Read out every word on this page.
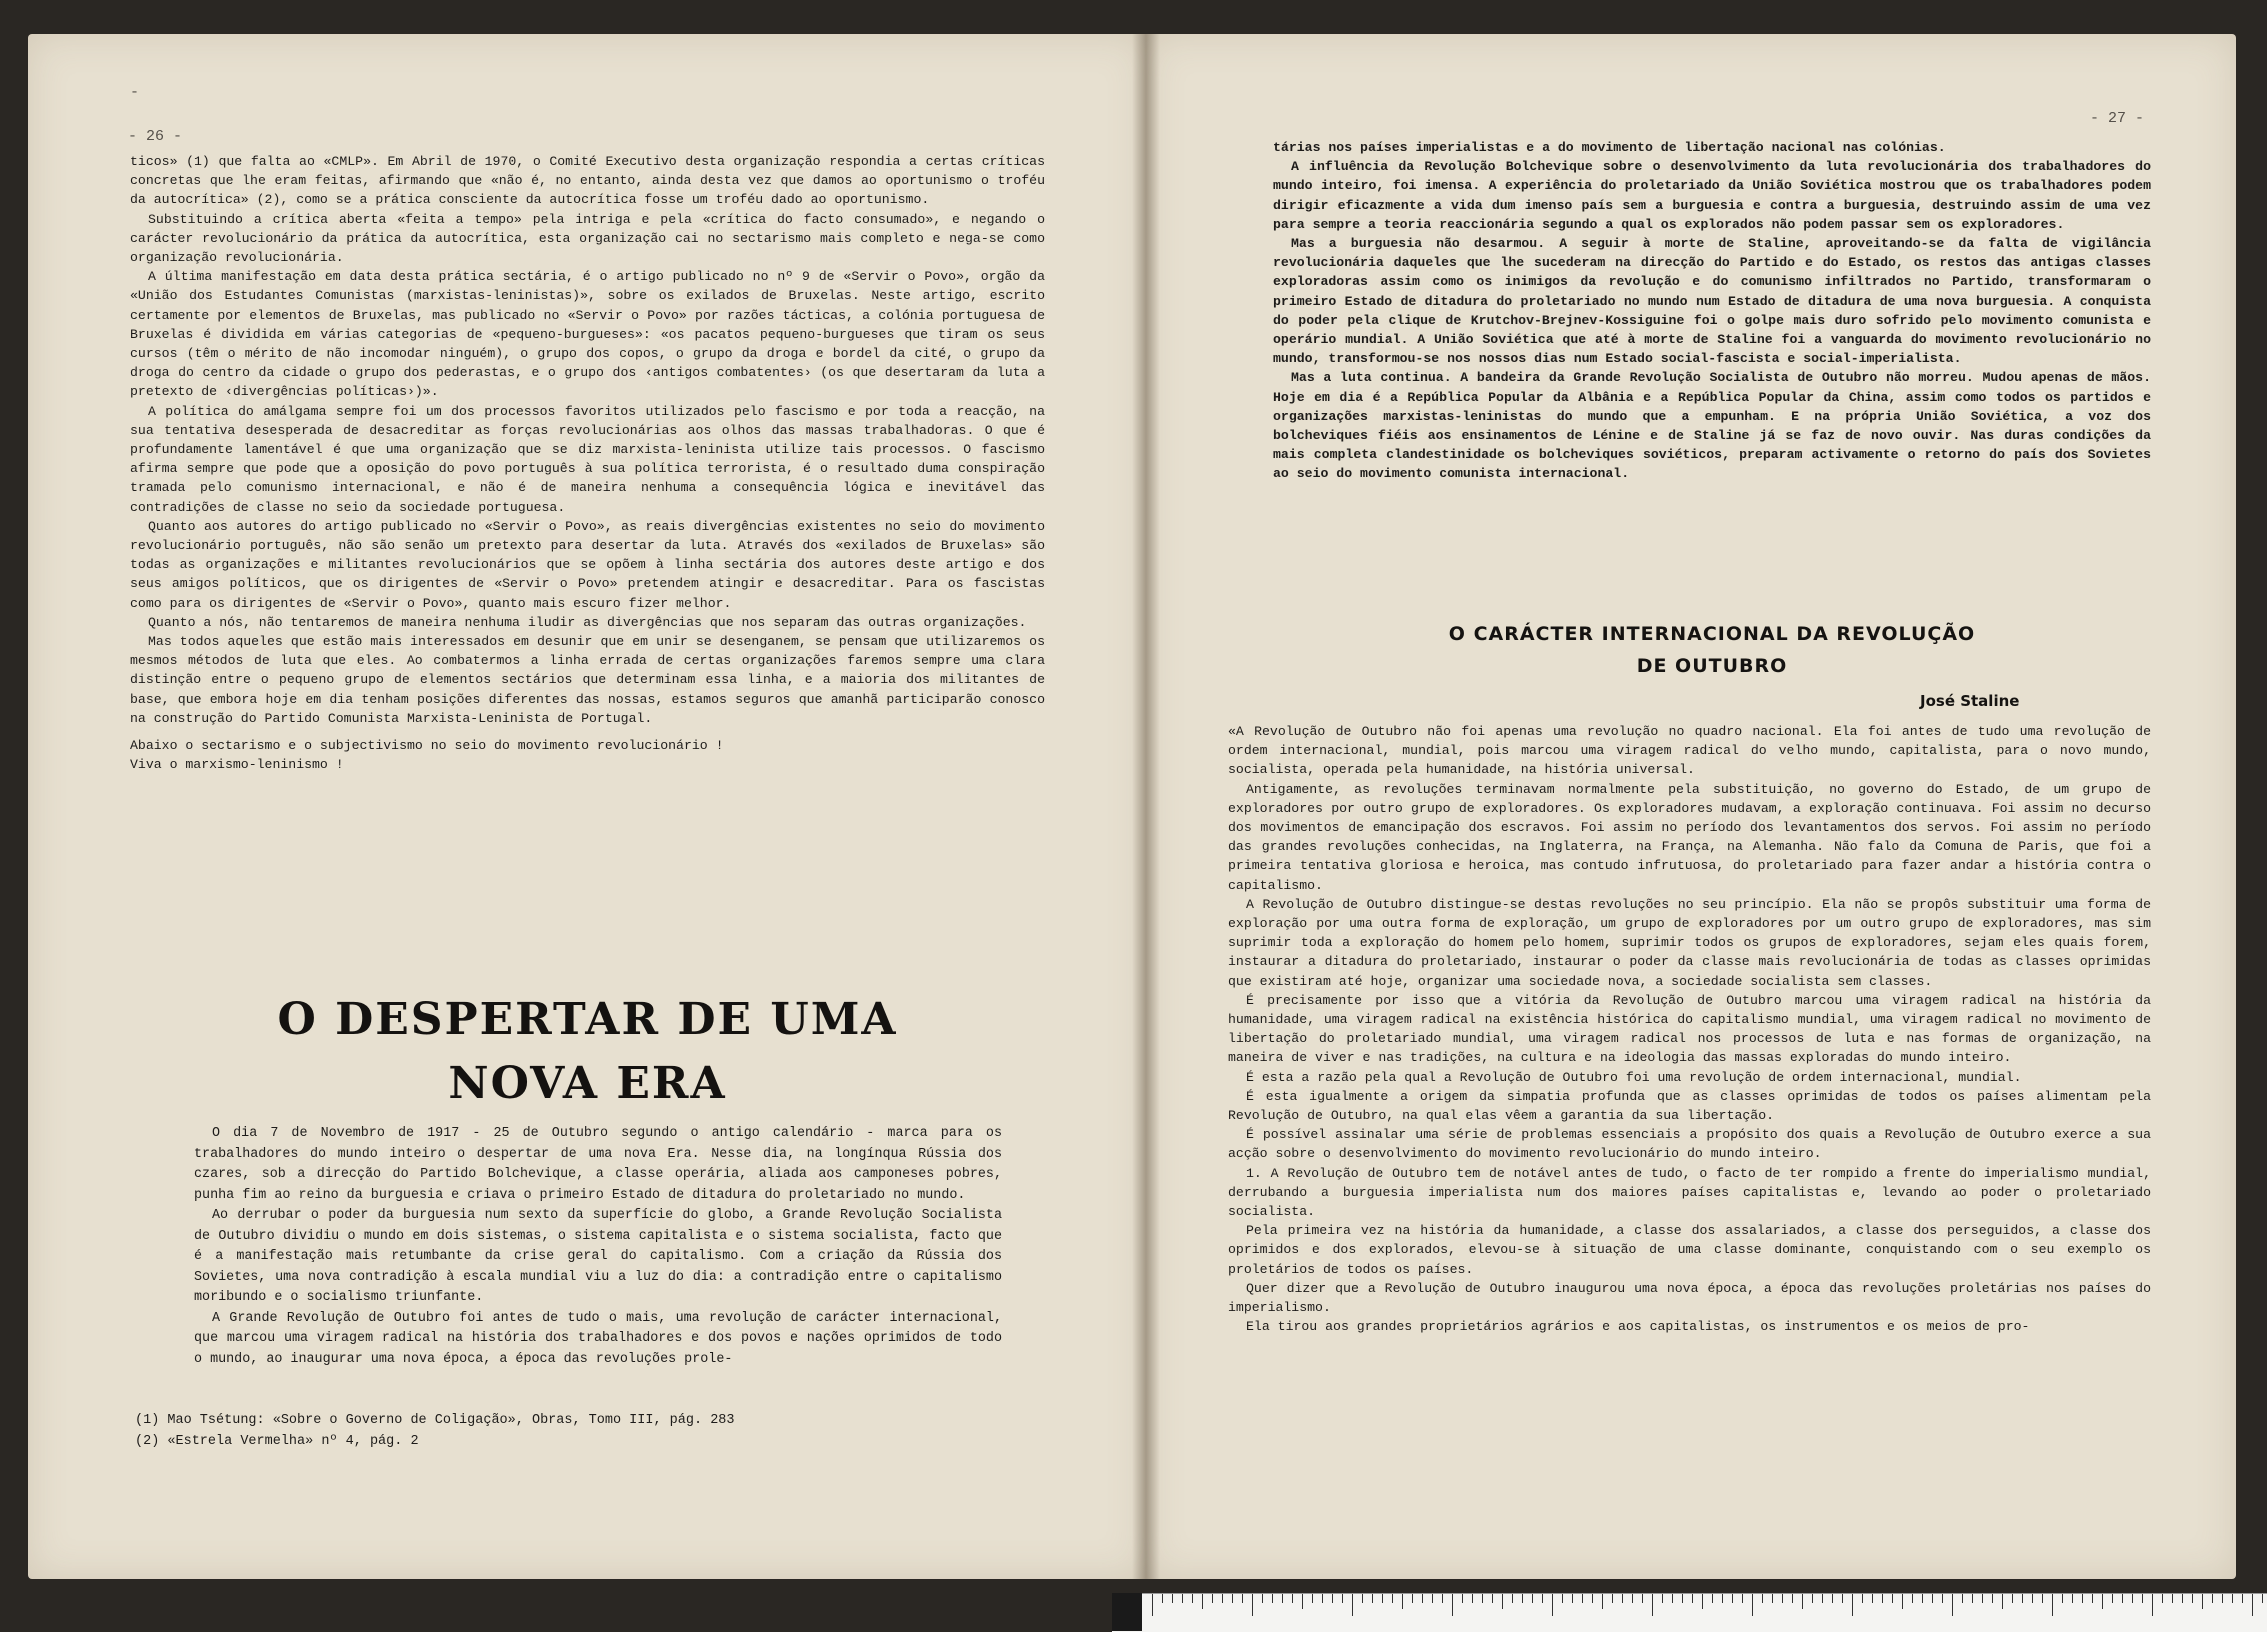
-
- 26 -

ticos» (1) que falta ao «CMLP». Em Abril de 1970, o Comité Executivo desta organização respondia a certas críticas concretas que lhe eram feitas, afirmando que «não é, no entanto, ainda desta vez que damos ao oportunismo o troféu da autocrítica» (2), como se a prática consciente da autocrítica fosse um troféu dado ao oportunismo.

Substituindo a crítica aberta «feita a tempo» pela intriga e pela «crítica do facto consumado», e negando o carácter revolucionário da prática da autocrítica, esta organização cai no sectarismo mais completo e nega-se como organização revolucionária.

A última manifestação em data desta prática sectária, é o artigo publicado no nº 9 de «Servir o Povo», orgão da «União dos Estudantes Comunistas (marxistas-leninistas)», sobre os exilados de Bruxelas. Neste artigo, escrito certamente por elementos de Bruxelas, mas publicado no «Servir o Povo» por razões tácticas, a colónia portuguesa de Bruxelas é dividida em várias categorias de «pequeno-burgueses»: «os pacatos pequeno-burgueses que tiram os seus cursos (têm o mérito de não incomodar ninguém), o grupo dos copos, o grupo da droga e bordel da cité, o grupo da droga do centro da cidade o grupo dos pederastas, e o grupo dos ‹antigos combatentes› (os que desertaram da luta a pretexto de ‹divergências políticas›)».

A política do amálgama sempre foi um dos processos favoritos utilizados pelo fascismo e por toda a reacção, na sua tentativa desesperada de desacreditar as forças revolucionárias aos olhos das massas trabalhadoras. O que é profundamente lamentável é que uma organização que se diz marxista-leninista utilize tais processos. O fascismo afirma sempre que pode que a oposição do povo português à sua política terrorista, é o resultado duma conspiração tramada pelo comunismo internacional, e não é de maneira nenhuma a consequência lógica e inevitável das contradições de classe no seio da sociedade portuguesa.

Quanto aos autores do artigo publicado no «Servir o Povo», as reais divergências existentes no seio do movimento revolucionário português, não são senão um pretexto para desertar da luta. Através dos «exilados de Bruxelas» são todas as organizações e militantes revolucionários que se opõem à linha sectária dos autores deste artigo e dos seus amigos políticos, que os dirigentes de «Servir o Povo» pretendem atingir e desacreditar. Para os fascistas como para os dirigentes de «Servir o Povo», quanto mais escuro fizer melhor.

Quanto a nós, não tentaremos de maneira nenhuma iludir as divergências que nos separam das outras organizações.

Mas todos aqueles que estão mais interessados em desunir que em unir se desenganem, se pensam que utilizaremos os mesmos métodos de luta que eles. Ao combatermos a linha errada de certas organizações faremos sempre uma clara distinção entre o pequeno grupo de elementos sectários que determinam essa linha, e a maioria dos militantes de base, que embora hoje em dia tenham posições diferentes das nossas, estamos seguros que amanhã participarão conosco na construção do Partido Comunista Marxista-Leninista de Portugal.

Abaixo o sectarismo e o subjectivismo no seio do movimento revolucionário !

Viva o marxismo-leninismo !

O DESPERTAR DE UMA
NOVA ERA

O dia 7 de Novembro de 1917 - 25 de Outubro segundo o antigo calendário - marca para os trabalhadores do mundo inteiro o despertar de uma nova Era. Nesse dia, na longínqua Rússia dos czares, sob a direcção do Partido Bolchevique, a classe operária, aliada aos camponeses pobres, punha fim ao reino da burguesia e criava o primeiro Estado de ditadura do proletariado no mundo.

Ao derrubar o poder da burguesia num sexto da superfície do globo, a Grande Revolução Socialista de Outubro dividiu o mundo em dois sistemas, o sistema capitalista e o sistema socialista, facto que é a manifestação mais retumbante da crise geral do capitalismo. Com a criação da Rússia dos Sovietes, uma nova contradição à escala mundial viu a luz do dia: a contradição entre o capitalismo moribundo e o socialismo triunfante.

A Grande Revolução de Outubro foi antes de tudo o mais, uma revolução de carácter internacional, que marcou uma viragem radical na história dos trabalhadores e dos povos e nações oprimidos de todo o mundo, ao inaugurar uma nova época, a época das revoluções prole-

(1) Mao Tsétung: «Sobre o Governo de Coligação», Obras, Tomo III, pág. 283
(2) «Estrela Vermelha» nº 4, pág. 2
- 27 -

tárias nos países imperialistas e a do movimento de libertação nacional nas colónias.

A influência da Revolução Bolchevique sobre o desenvolvimento da luta revolucionária dos trabalhadores do mundo inteiro, foi imensa. A experiência do proletariado da União Soviética mostrou que os trabalhadores podem dirigir eficazmente a vida dum imenso país sem a burguesia e contra a burguesia, destruindo assim de uma vez para sempre a teoria reaccionária segundo a qual os explorados não podem passar sem os exploradores.

Mas a burguesia não desarmou. A seguir à morte de Staline, aproveitando-se da falta de vigilância revolucionária daqueles que lhe sucederam na direcção do Partido e do Estado, os restos das antigas classes exploradoras assim como os inimigos da revolução e do comunismo infiltrados no Partido, transformaram o primeiro Estado de ditadura do proletariado no mundo num Estado de ditadura de uma nova burguesia. A conquista do poder pela clique de Krutchov-Brejnev-Kossiguine foi o golpe mais duro sofrido pelo movimento comunista e operário mundial. A União Soviética que até à morte de Staline foi a vanguarda do movimento revolucionário no mundo, transformou-se nos nossos dias num Estado social-fascista e social-imperialista.

Mas a luta continua. A bandeira da Grande Revolução Socialista de Outubro não morreu. Mudou apenas de mãos. Hoje em dia é a República Popular da Albânia e a República Popular da China, assim como todos os partidos e organizações marxistas-leninistas do mundo que a empunham. E na própria União Soviética, a voz dos bolcheviques fiéis aos ensinamentos de Lénine e de Staline já se faz de novo ouvir. Nas duras condições da mais completa clandestinidade os bolcheviques soviéticos, preparam activamente o retorno do país dos Sovietes ao seio do movimento comunista internacional.

O CARÁCTER INTERNACIONAL DA REVOLUÇÃO
DE OUTUBRO
José Staline

«A Revolução de Outubro não foi apenas uma revolução no quadro nacional. Ela foi antes de tudo uma revolução de ordem internacional, mundial, pois marcou uma viragem radical do velho mundo, capitalista, para o novo mundo, socialista, operada pela humanidade, na história universal.

Antigamente, as revoluções terminavam normalmente pela substituição, no governo do Estado, de um grupo de exploradores por outro grupo de exploradores. Os exploradores mudavam, a exploração continuava. Foi assim no decurso dos movimentos de emancipação dos escravos. Foi assim no período dos levantamentos dos servos. Foi assim no período das grandes revoluções conhecidas, na Inglaterra, na França, na Alemanha. Não falo da Comuna de Paris, que foi a primeira tentativa gloriosa e heroica, mas contudo infrutuosa, do proletariado para fazer andar a história contra o capitalismo.

A Revolução de Outubro distingue-se destas revoluções no seu princípio. Ela não se propôs substituir uma forma de exploração por uma outra forma de exploração, um grupo de exploradores por um outro grupo de exploradores, mas sim suprimir toda a exploração do homem pelo homem, suprimir todos os grupos de exploradores, sejam eles quais forem, instaurar a ditadura do proletariado, instaurar o poder da classe mais revolucionária de todas as classes oprimidas que existiram até hoje, organizar uma sociedade nova, a sociedade socialista sem classes.

É precisamente por isso que a vitória da Revolução de Outubro marcou uma viragem radical na história da humanidade, uma viragem radical na existência histórica do capitalismo mundial, uma viragem radical no movimento de libertação do proletariado mundial, uma viragem radical nos processos de luta e nas formas de organização, na maneira de viver e nas tradições, na cultura e na ideologia das massas exploradas do mundo inteiro.

É esta a razão pela qual a Revolução de Outubro foi uma revolução de ordem internacional, mundial.

É esta igualmente a origem da simpatia profunda que as classes oprimidas de todos os países alimentam pela Revolução de Outubro, na qual elas vêem a garantia da sua libertação.

É possível assinalar uma série de problemas essenciais a propósito dos quais a Revolução de Outubro exerce a sua acção sobre o desenvolvimento do movimento revolucionário do mundo inteiro.

1. A Revolução de Outubro tem de notável antes de tudo, o facto de ter rompido a frente do imperialismo mundial, derrubando a burguesia imperialista num dos maiores países capitalistas e, levando ao poder o proletariado socialista.

Pela primeira vez na história da humanidade, a classe dos assalariados, a classe dos perseguidos, a classe dos oprimidos e dos explorados, elevou-se à situação de uma classe dominante, conquistando com o seu exemplo os proletários de todos os países.

Quer dizer que a Revolução de Outubro inaugurou uma nova época, a época das revoluções proletárias nos países do imperialismo.

Ela tirou aos grandes proprietários agrários e aos capitalistas, os instrumentos e os meios de pro-
